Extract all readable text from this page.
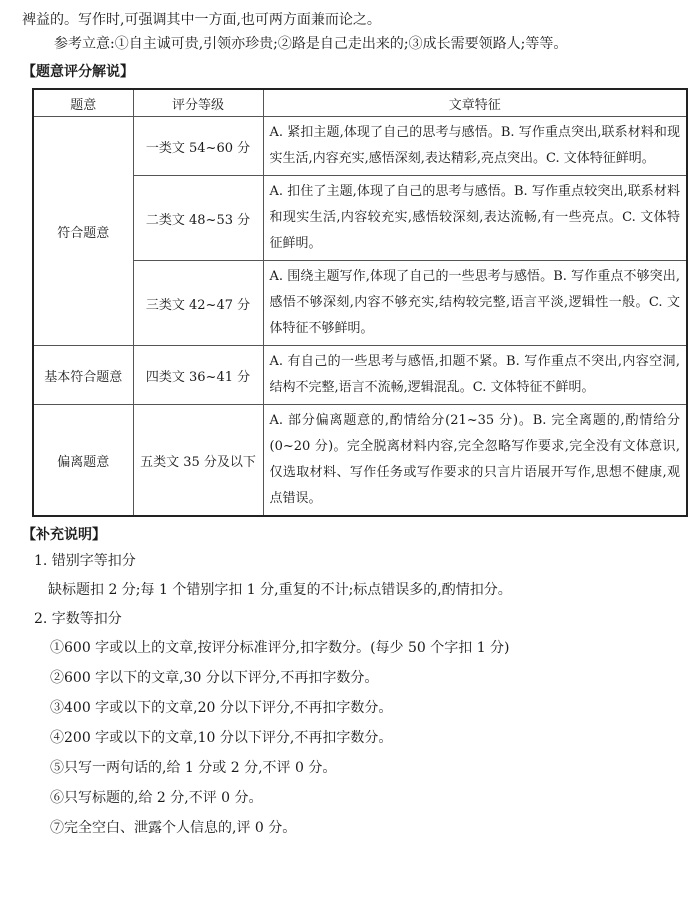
裨益的。写作时,可强调其中一方面,也可两方面兼而论之。
参考立意:①自主诚可贵,引领亦珍贵;②路是自己走出来的;③成长需要领路人;等等。
【题意评分解说】
题意	评分等级	文章特征
符合题意	一类文 54~60 分	A. 紧扣主题,体现了自己的思考与感悟。B. 写作重点突出,联系材料和现实生活,内容充实,感悟深刻,表达精彩,亮点突出。C. 文体特征鲜明。
	二类文 48~53 分	A. 扣住了主题,体现了自己的思考与感悟。B. 写作重点较突出,联系材料和现实生活,内容较充实,感悟较深刻,表达流畅,有一些亮点。C. 文体特征鲜明。
	三类文 42~47 分	A. 围绕主题写作,体现了自己的一些思考与感悟。B. 写作重点不够突出,感悟不够深刻,内容不够充实,结构较完整,语言平淡,逻辑性一般。C. 文体特征不够鲜明。
基本符合题意	四类文 36~41 分	A. 有自己的一些思考与感悟,扣题不紧。B. 写作重点不突出,内容空洞,结构不完整,语言不流畅,逻辑混乱。C. 文体特征不鲜明。
偏离题意	五类文 35 分及以下	A. 部分偏离题意的,酌情给分(21~35 分)。B. 完全离题的,酌情给分(0~20 分)。完全脱离材料内容,完全忽略写作要求,完全没有文体意识,仅选取材料、写作任务或写作要求的只言片语展开写作,思想不健康,观点错误。
【补充说明】
1. 错别字等扣分
缺标题扣 2 分;每 1 个错别字扣 1 分,重复的不计;标点错误多的,酌情扣分。
2. 字数等扣分
①600 字或以上的文章,按评分标准评分,扣字数分。(每少 50 个字扣 1 分)
②600 字以下的文章,30 分以下评分,不再扣字数分。
③400 字或以下的文章,20 分以下评分,不再扣字数分。
④200 字或以下的文章,10 分以下评分,不再扣字数分。
⑤只写一两句话的,给 1 分或 2 分,不评 0 分。
⑥只写标题的,给 2 分,不评 0 分。
⑦完全空白、泄露个人信息的,评 0 分。
